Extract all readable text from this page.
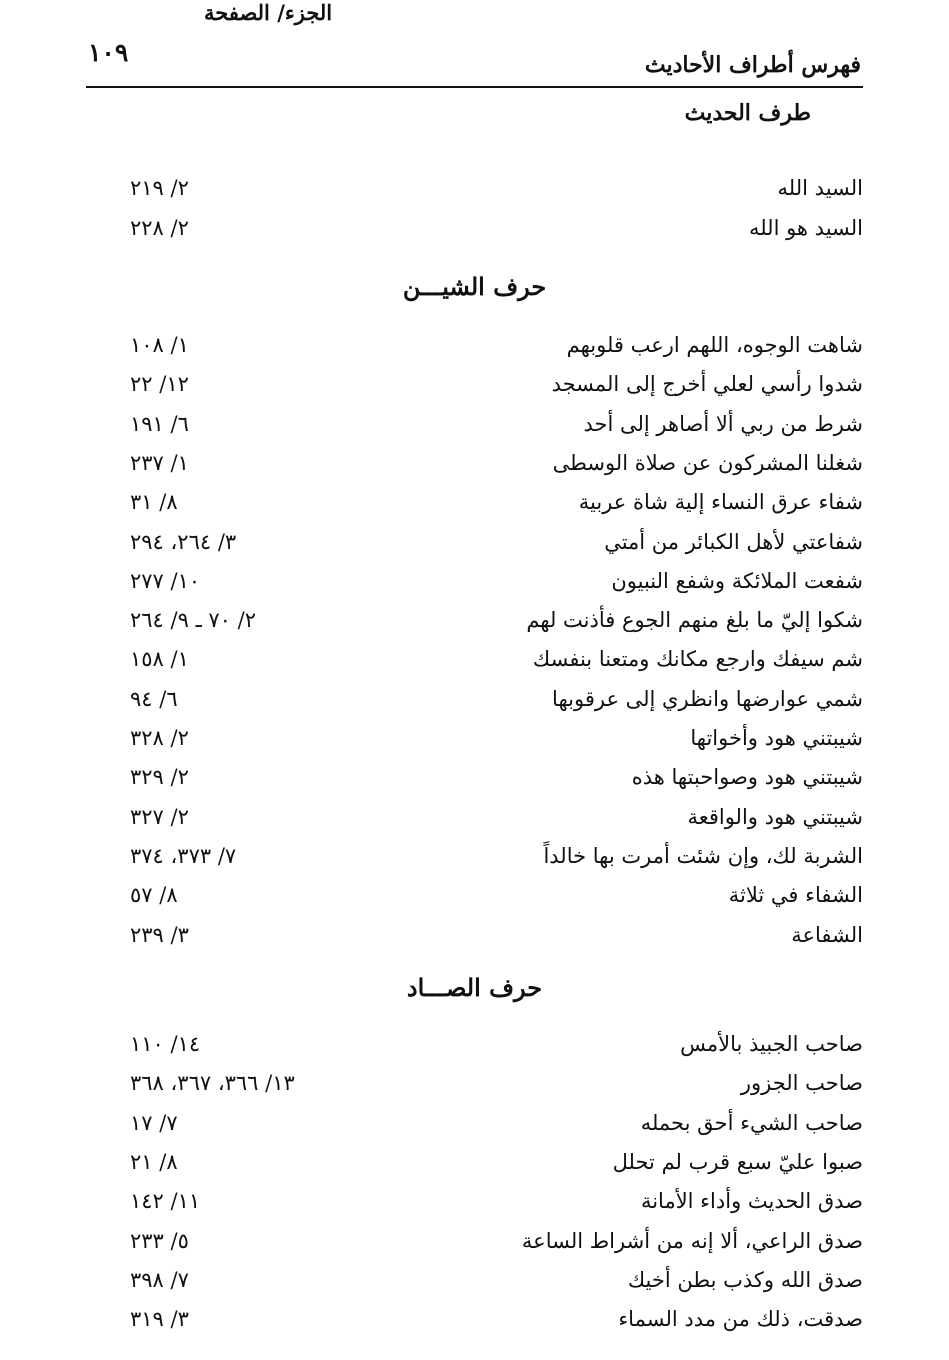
١٠٩	فهرس أطراف الأحاديث
طرف الحديث
الجزء/ الصفحة
السيد الله
٢/ ٢١٩
السيد هو الله
٢/ ٢٢٨
حرف الشيـــن
شاهت الوجوه، اللهم ارعب قلوبهم
١/ ١٠٨
شدوا رأسي لعلي أخرج إلى المسجد
١٢/ ٢٢
شرط من ربي ألا أصاهر إلى أحد
٦/ ١٩١
شغلنا المشركون عن صلاة الوسطى
١/ ٢٣٧
شفاء عرق النساء إلية شاة عربية
٨/ ٣١
شفاعتي لأهل الكبائر من أمتي
٣/ ٢٦٤، ٢٩٤
شفعت الملائكة وشفع النبيون
١٠/ ٢٧٧
شكوا إليّ ما بلغ منهم الجوع فأذنت لهم
٢/ ٧٠ ـ ٩/ ٢٦٤
شم سيفك وارجع مكانك ومتعنا بنفسك
١/ ١٥٨
شمي عوارضها وانظري إلى عرقوبها
٦/ ٩٤
شيبتني هود وأخواتها
٢/ ٣٢٨
شيبتني هود وصواحبتها هذه
٢/ ٣٢٩
شيبتني هود والواقعة
٢/ ٣٢٧
الشربة لك، وإن شئت أمرت بها خالداً
٧/ ٣٧٣، ٣٧٤
الشفاء في ثلاثة
٨/ ٥٧
الشفاعة
٣/ ٢٣٩
حرف الصـــاد
صاحب الجبيذ بالأمس
١٤/ ١١٠
صاحب الجزور
١٣/ ٣٦٦، ٣٦٧، ٣٦٨
صاحب الشيء أحق بحمله
٧/ ١٧
صبوا عليّ سبع قرب لم تحلل
٨/ ٢١
صدق الحديث وأداء الأمانة
١١/ ١٤٢
صدق الراعي، ألا إنه من أشراط الساعة
٥/ ٢٣٣
صدق الله وكذب بطن أخيك
٧/ ٣٩٨
صدقت، ذلك من مدد السماء
٣/ ٣١٩
